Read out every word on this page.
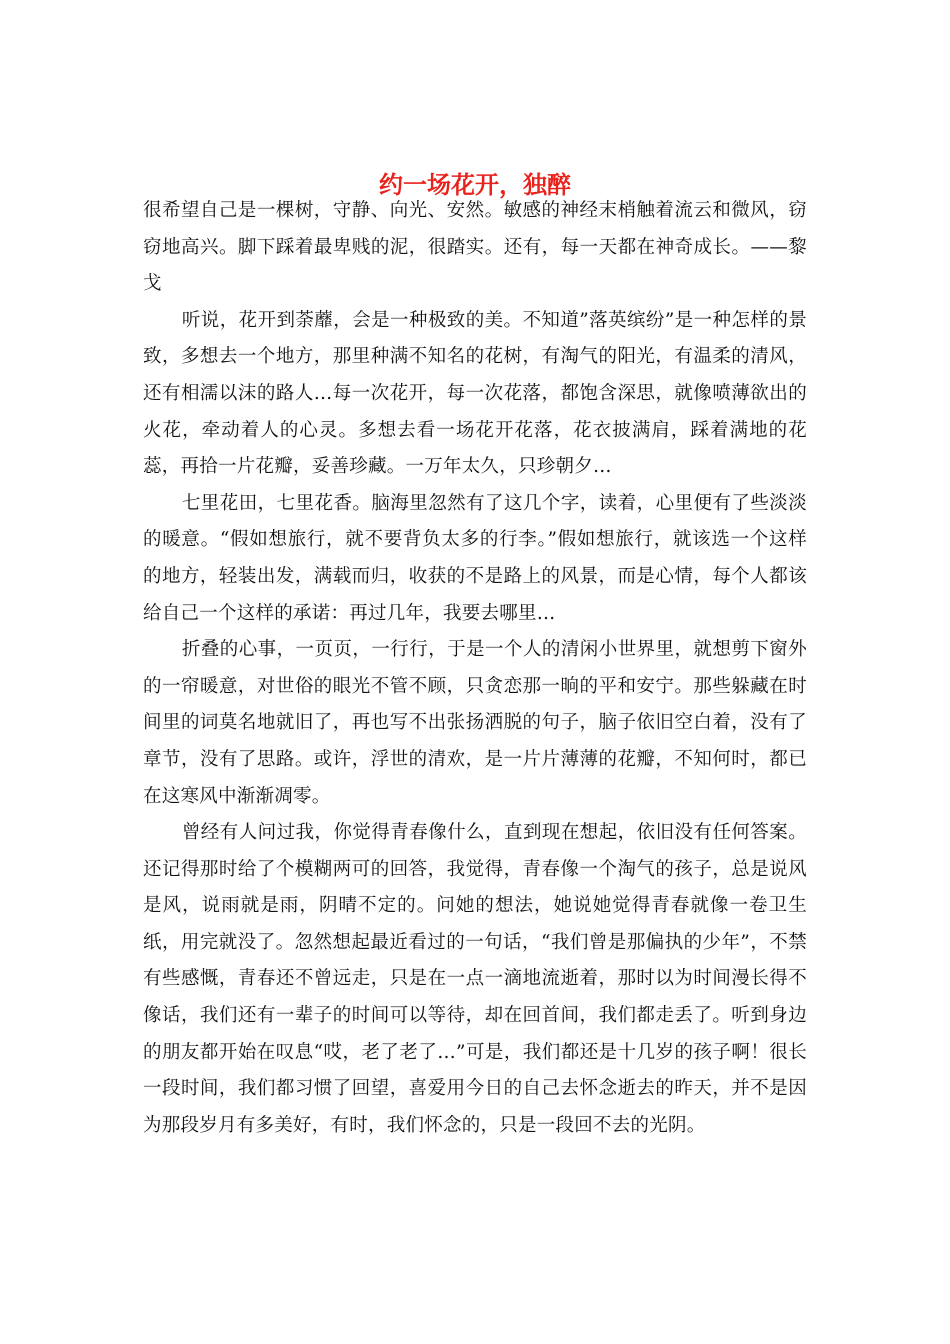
约一场花开，独醉

很希望自己是一棵树，守静、向光、安然。敏感的神经末梢触着流云和微风，窃窃地高兴。脚下踩着最卑贱的泥，很踏实。还有，每一天都在神奇成长。——黎戈

听说，花开到荼蘼，会是一种极致的美。不知道”落英缤纷”是一种怎样的景致，多想去一个地方，那里种满不知名的花树，有淘气的阳光，有温柔的清风，还有相濡以沫的路人…每一次花开，每一次花落，都饱含深思，就像喷薄欲出的火花，牵动着人的心灵。多想去看一场花开花落，花衣披满肩，踩着满地的花蕊，再拾一片花瓣，妥善珍藏。一万年太久，只珍朝夕…

七里花田，七里花香。脑海里忽然有了这几个字，读着，心里便有了些淡淡的暖意。“假如想旅行，就不要背负太多的行李。”假如想旅行，就该选一个这样的地方，轻装出发，满载而归，收获的不是路上的风景，而是心情，每个人都该给自己一个这样的承诺：再过几年，我要去哪里…

折叠的心事，一页页，一行行，于是一个人的清闲小世界里，就想剪下窗外的一帘暖意，对世俗的眼光不管不顾，只贪恋那一晌的平和安宁。那些躲藏在时间里的词莫名地就旧了，再也写不出张扬洒脱的句子，脑子依旧空白着，没有了章节，没有了思路。或许，浮世的清欢，是一片片薄薄的花瓣，不知何时，都已在这寒风中渐渐凋零。

曾经有人问过我，你觉得青春像什么，直到现在想起，依旧没有任何答案。还记得那时给了个模糊两可的回答，我觉得，青春像一个淘气的孩子，总是说风是风，说雨就是雨，阴晴不定的。问她的想法，她说她觉得青春就像一卷卫生纸，用完就没了。忽然想起最近看过的一句话，“我们曾是那偏执的少年”，不禁有些感慨，青春还不曾远走，只是在一点一滴地流逝着，那时以为时间漫长得不像话，我们还有一辈子的时间可以等待，却在回首间，我们都走丢了。听到身边的朋友都开始在叹息“哎，老了老了…”可是，我们都还是十几岁的孩子啊！很长一段时间，我们都习惯了回望，喜爱用今日的自己去怀念逝去的昨天，并不是因为那段岁月有多美好，有时，我们怀念的，只是一段回不去的光阴。
